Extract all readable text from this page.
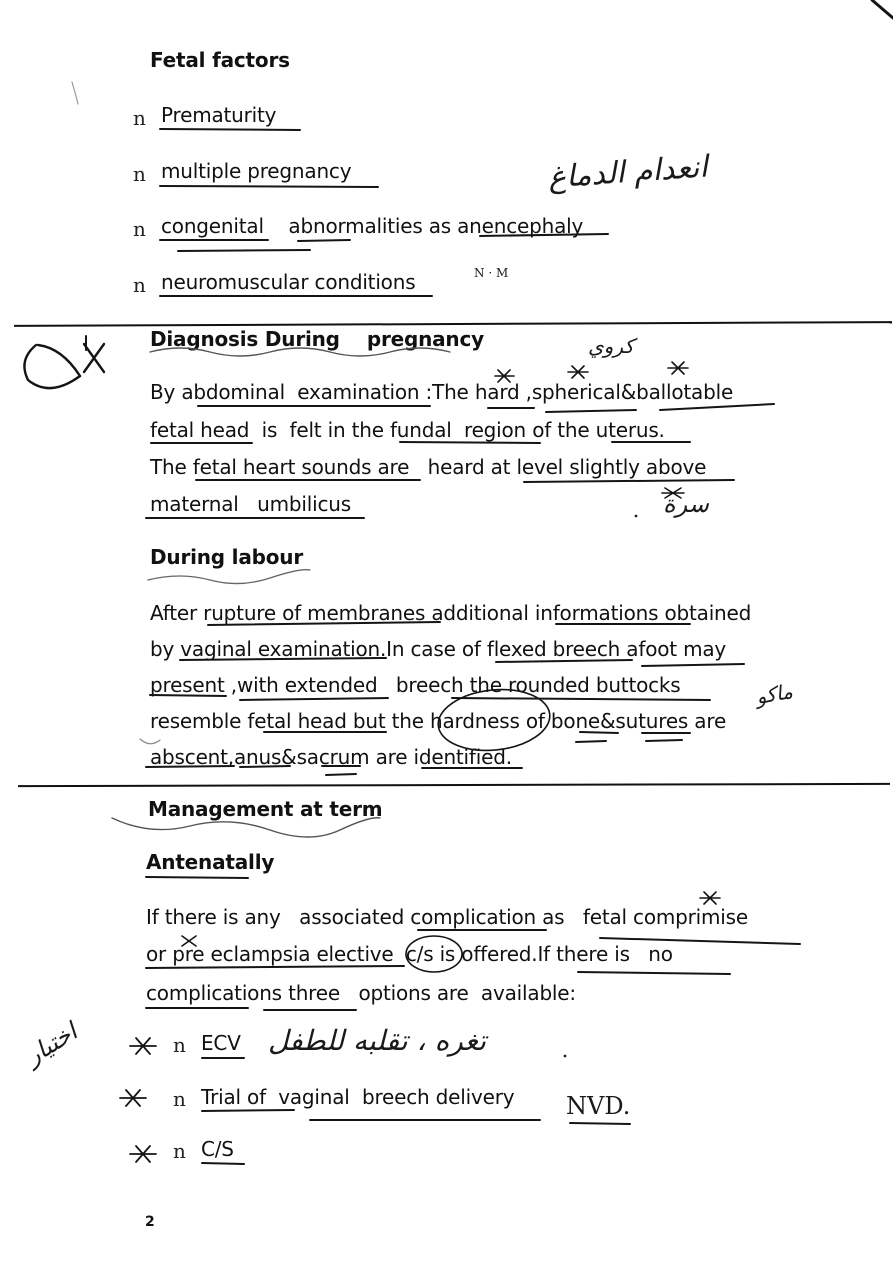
Fetal factors
n Prematurity
n multiple pregnancy
n congenital    abnormalities as anencephaly
n neuromuscular conditions
Diagnosis During    pregnancy
By abdominal  examination :The hard ,spherical&ballotable
fetal head  is  felt in the fundal  region of the uterus.
The fetal heart sounds are   heard at level slightly above
maternal   umbilicus
During labour
After rupture of membranes additional informations obtained
by vaginal examination.In case of flexed breech afoot may
present ,with extended   breech the rounded buttocks
resemble fetal head but the hardness of bone&sutures are
abscent,anus&sacrum are identified.
Management at term
Antenatally
If there is any   associated complication as   fetal comprimise
or pre eclampsia elective  c/s is offered.If there is   no
complications three   options are  available:
n ECV
n Trial of  vaginal  breech delivery
n C/S
2
انعدام الدماغ
N · M
كروي
سرة
ماكو
تغره ، تقلبه للطفل
اختيار
NVD.
